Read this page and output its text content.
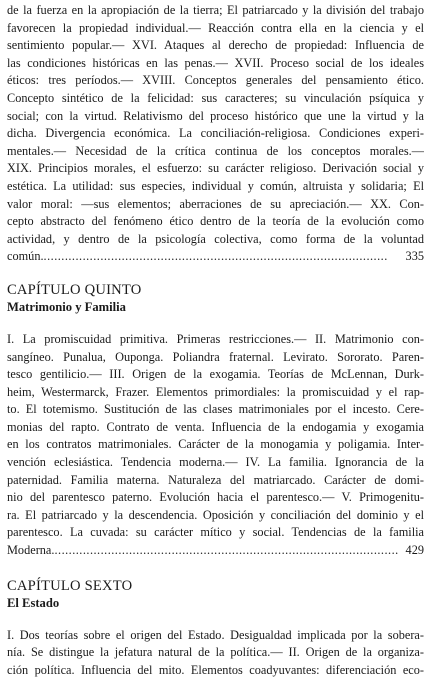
de la fuerza en la apropiación de la tierra; El patriarcado y la división del trabajo
favorecen la propiedad individual.— Reacción contra ella en la ciencia y el
sentimiento popular.— XVI. Ataques al derecho de propiedad: Influencia de
las condiciones históricas en las penas.— XVII. Proceso social de los ideales
éticos: tres períodos.— XVIII. Conceptos generales del pensamiento ético.
Concepto sintético de la felicidad: sus caracteres; su vinculación psíquica y
social; con la virtud. Relativismo del proceso histórico que une la virtud y la
dicha. Divergencia económica. La conciliación-religiosa. Condiciones experi-
mentales.— Necesidad de la crítica continua de los conceptos morales.—
XIX. Principios morales, el esfuerzo: su carácter religioso. Derivación social y
estética. La utilidad: sus especies, individual y común, altruista y solidaria; El
valor moral: —sus elementos; aberraciones de su apreciación.— XX. Con-
cepto abstracto del fenómeno ético dentro de la teoría de la evolución como
actividad, y dentro de la psicología colectiva, como forma de la voluntad
común. . . .	335
CAPÍTULO QUINTO
Matrimonio y Familia
I. La promiscuidad primitiva. Primeras restricciones.— II. Matrimonio con-
sangíneo. Punalua, Ouponga. Poliandra fraternal. Levirato. Sororato. Paren-
tesco gentilicio.— III. Origen de la exogamia. Teorías de McLennan, Durk-
heim, Westermarck, Frazer. Elementos primordiales: la promiscuidad y el rap-
to. El totemismo. Sustitución de las clases matrimoniales por el incesto. Cere-
monias del rapto. Contrato de venta. Influencia de la endogamia y exogamia
en los contratos matrimoniales. Carácter de la monogamia y poligamia. Inter-
vención eclesiástica. Tendencia moderna.— IV. La familia. Ignorancia de la
paternidad. Familia materna. Naturaleza del matriarcado. Carácter de domi-
nio del parentesco paterno. Evolución hacia el parentesco.— V. Primogenitu-
ra. El patriarcado y la descendencia. Oposición y conciliación del dominio y el
parentesco. La cuvada: su carácter mítico y social. Tendencias de la familia
Moderna. . . .	429
CAPÍTULO SEXTO
El Estado
I. Dos teorías sobre el origen del Estado. Desigualdad implicada por la sobera-
nía. Se distingue la jefatura natural de la política.— II. Origen de la organiza-
ción política. Influencia del mito. Elementos coadyuvantes: diferenciación eco-
